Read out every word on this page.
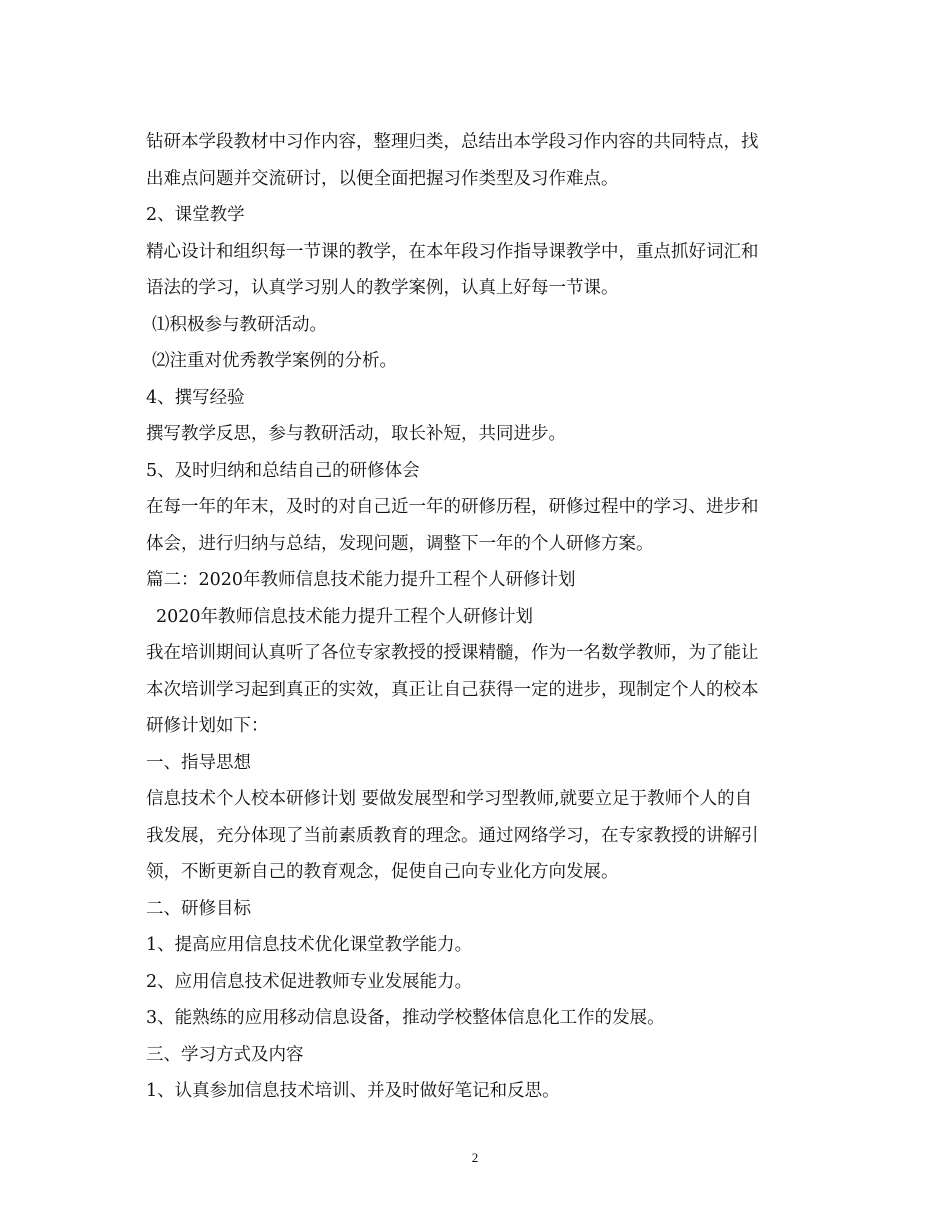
钻研本学段教材中习作内容，整理归类，总结出本学段习作内容的共同特点，找
出难点问题并交流研讨，以便全面把握习作类型及习作难点。
2、课堂教学
精心设计和组织每一节课的教学，在本年段习作指导课教学中，重点抓好词汇和
语法的学习，认真学习别人的教学案例，认真上好每一节课。
⑴积极参与教研活动。
⑵注重对优秀教学案例的分析。
4、撰写经验
撰写教学反思，参与教研活动，取长补短，共同进步。
5、及时归纳和总结自己的研修体会
在每一年的年末，及时的对自己近一年的研修历程，研修过程中的学习、进步和
体会，进行归纳与总结，发现问题，调整下一年的个人研修方案。
篇二：2020年教师信息技术能力提升工程个人研修计划
2020年教师信息技术能力提升工程个人研修计划
我在培训期间认真听了各位专家教授的授课精髓，作为一名数学教师，为了能让
本次培训学习起到真正的实效，真正让自己获得一定的进步，现制定个人的校本
研修计划如下：
一、指导思想
信息技术个人校本研修计划 要做发展型和学习型教师,就要立足于教师个人的自
我发展，充分体现了当前素质教育的理念。通过网络学习，在专家教授的讲解引
领，不断更新自己的教育观念，促使自己向专业化方向发展。
二、研修目标
1、提高应用信息技术优化课堂教学能力。
2、应用信息技术促进教师专业发展能力。
3、能熟练的应用移动信息设备，推动学校整体信息化工作的发展。
三、学习方式及内容
1、认真参加信息技术培训、并及时做好笔记和反思。
2
